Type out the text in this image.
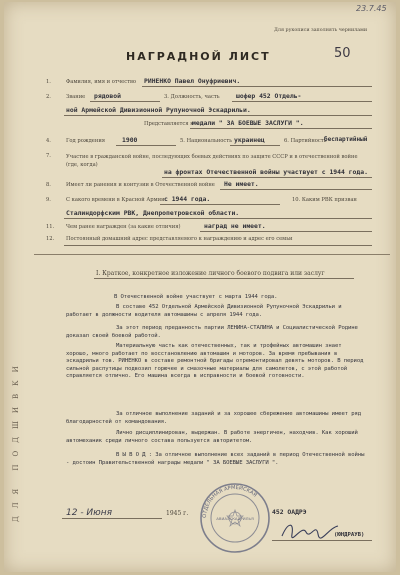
23.7.45
Для рукописи заполнять чернилами
НАГРАДНОЙ ЛИСТ	50
ДЛЯ ПОДШИВКИ
1.	Фамилия, имя и отчество РИНЕНКО Павел Онуфриевич.
2.	Звание рядовой	3. Должность, часть	шофер 452 Отдель-
ной Армейской Дивизионной Рупуночной Эскадрильи.
Представляется к
медали " ЗА БОЕВЫЕ ЗАСЛУГИ ".
4.	Год рождения	1900	5. Национальность украинец	6. Партийность
беспартийный
7.	Участие в гражданской войне, последующих боевых действиях по защите СССР и в отечественной войне (где, когда)
на фронтах Отечественной войны участвует с 1944 года.
8.	Имеет ли ранения и контузии в Отечественной войне Не имеет.
9.	С какого времени в Красной Армии с 1944 года.	10. Каким РВК призван
Сталиндорфским РВК, Днепропетровской области.
11. Чем ранее награжден (за какие отличия)	наград не имеет.
12. Постоянный домашний адрес представляемого к награждению и адрес его семьи
I. Краткое, конкретное изложение личного боевого подвига или заслуг
В Отечественной войне участвует с марта 1944 года.
В составе 452 Отдельной Армейской Дивизионной Рупуночной Эскадрильи и работает в должности водителя автомашины с апреля 1944 года.
За этот период преданность партии ЛЕНИНА-СТАЛИНА и Социалистической Родине доказал своей боевой работой.
Материальную часть как отечественных, так и трофейных автомашин знает хорошо, много работает по восстановлению автомашин и моторов. За время пребывания в эскадрильи тов. РИНЕНКО в составе ремонтной бригады отремонтировал девять моторов. В период сильной распутицы подвозил горючее и смазочные материалы для самолетов, с этой работой справляется отлично. Его машина всегда в исправности и боевой готовности.
За отличное выполнение заданий и за хорошее сбережение автомашины имеет ряд благодарностей от командования.
Лично дисциплинирован, выдержан. В работе энергичен, находчив. Как хороший автомеханик среди личного состава пользуется авторитетом.
В Ы В О Д : За отличное выполнение всех заданий в период Отечественной войны - достоин Правительственной награды медали " ЗА БОЕВЫЕ ЗАСЛУГИ ".
12 - Июня	1945 г.	452 ОАДРЭ
(ЮНДРАУВ)
ОТДЕЛЬНАЯ АРМЕЙСКАЯ
АВИАЭСКАДРИЛЬЯ
